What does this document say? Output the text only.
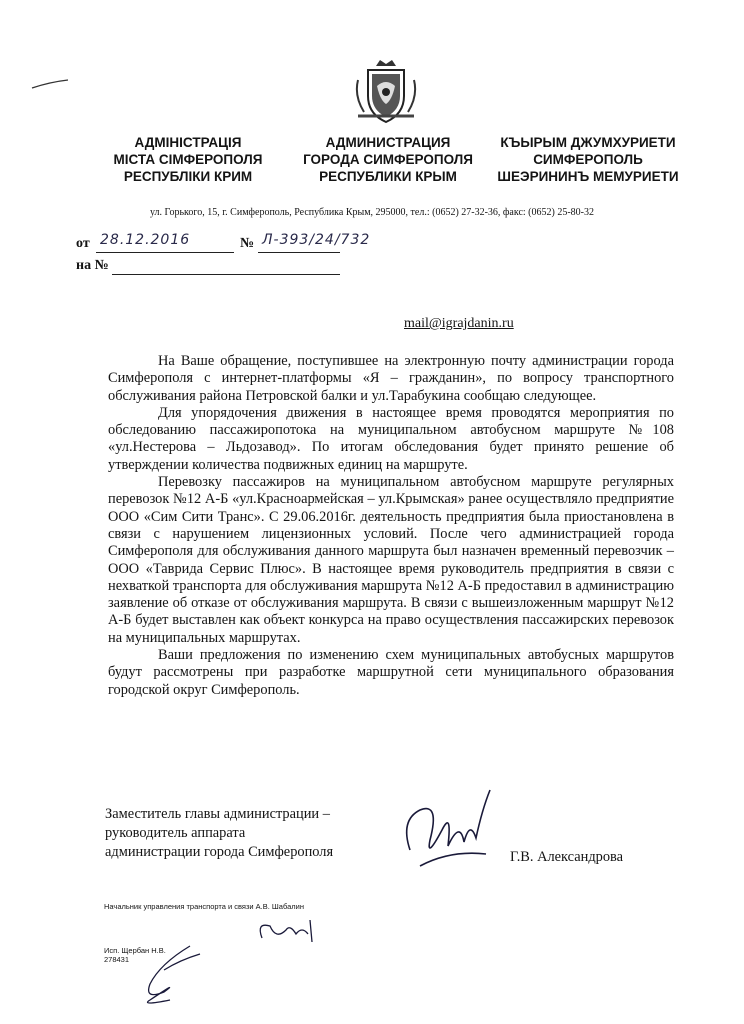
АДМІНІСТРАЦІЯ
МІСТА СІМФЕРОПОЛЯ
РЕСПУБЛІКИ КРИМ
АДМИНИСТРАЦИЯ
ГОРОДА СИМФЕРОПОЛЯ
РЕСПУБЛИКИ КРЫМ
КЪЫРЫМ ДЖУМХУРИЕТИ
СИМФЕРОПОЛЬ
ШЕЭРИНИНЪ МЕМУРИЕТИ
ул. Горького, 15, г. Симферополь, Республика Крым, 295000, тел.: (0652) 27-32-36, факс: (0652) 25-80-32
от 28.12.2016	№ Л-393/24/732
на №
mail@igrajdanin.ru

На Ваше обращение, поступившее на электронную почту администрации города Симферополя с интернет-платформы «Я – гражданин», по вопросу транспортного обслуживания района Петровской балки и ул.Тарабукина сообщаю следующее.

Для упорядочения движения в настоящее время проводятся мероприятия по обследованию пассажиропотока на муниципальном автобусном маршруте №108 «ул.Нестерова – Льдозавод». По итогам обследования будет принято решение об утверждении количества подвижных единиц на маршруте.

Перевозку пассажиров на муниципальном автобусном маршруте регулярных перевозок №12 А-Б «ул.Красноармейская – ул.Крымская» ранее осуществляло предприятие ООО «Сим Сити Транс». С 29.06.2016г. деятельность предприятия была приостановлена в связи с нарушением лицензионных условий. После чего администрацией города Симферополя для обслуживания данного маршрута был назначен временный перевозчик – ООО «Таврида Сервис Плюс». В настоящее время руководитель предприятия в связи с нехваткой транспорта для обслуживания маршрута №12 А-Б предоставил в администрацию заявление об отказе от обслуживания маршрута. В связи с вышеизложенным маршрут №12 А-Б будет выставлен как объект конкурса на право осуществления пассажирских перевозок на муниципальных маршрутах.

Ваши предложения по изменению схем муниципальных автобусных маршрутов будут рассмотрены при разработке маршрутной сети муниципального образования городской округ Симферополь.

Заместитель главы администрации –
руководитель аппарата
администрации города Симферополя	Г.В. Александрова
Начальник управления транспорта и связи А.В. Шабалин
Исп. Щербан Н.В.
278431
